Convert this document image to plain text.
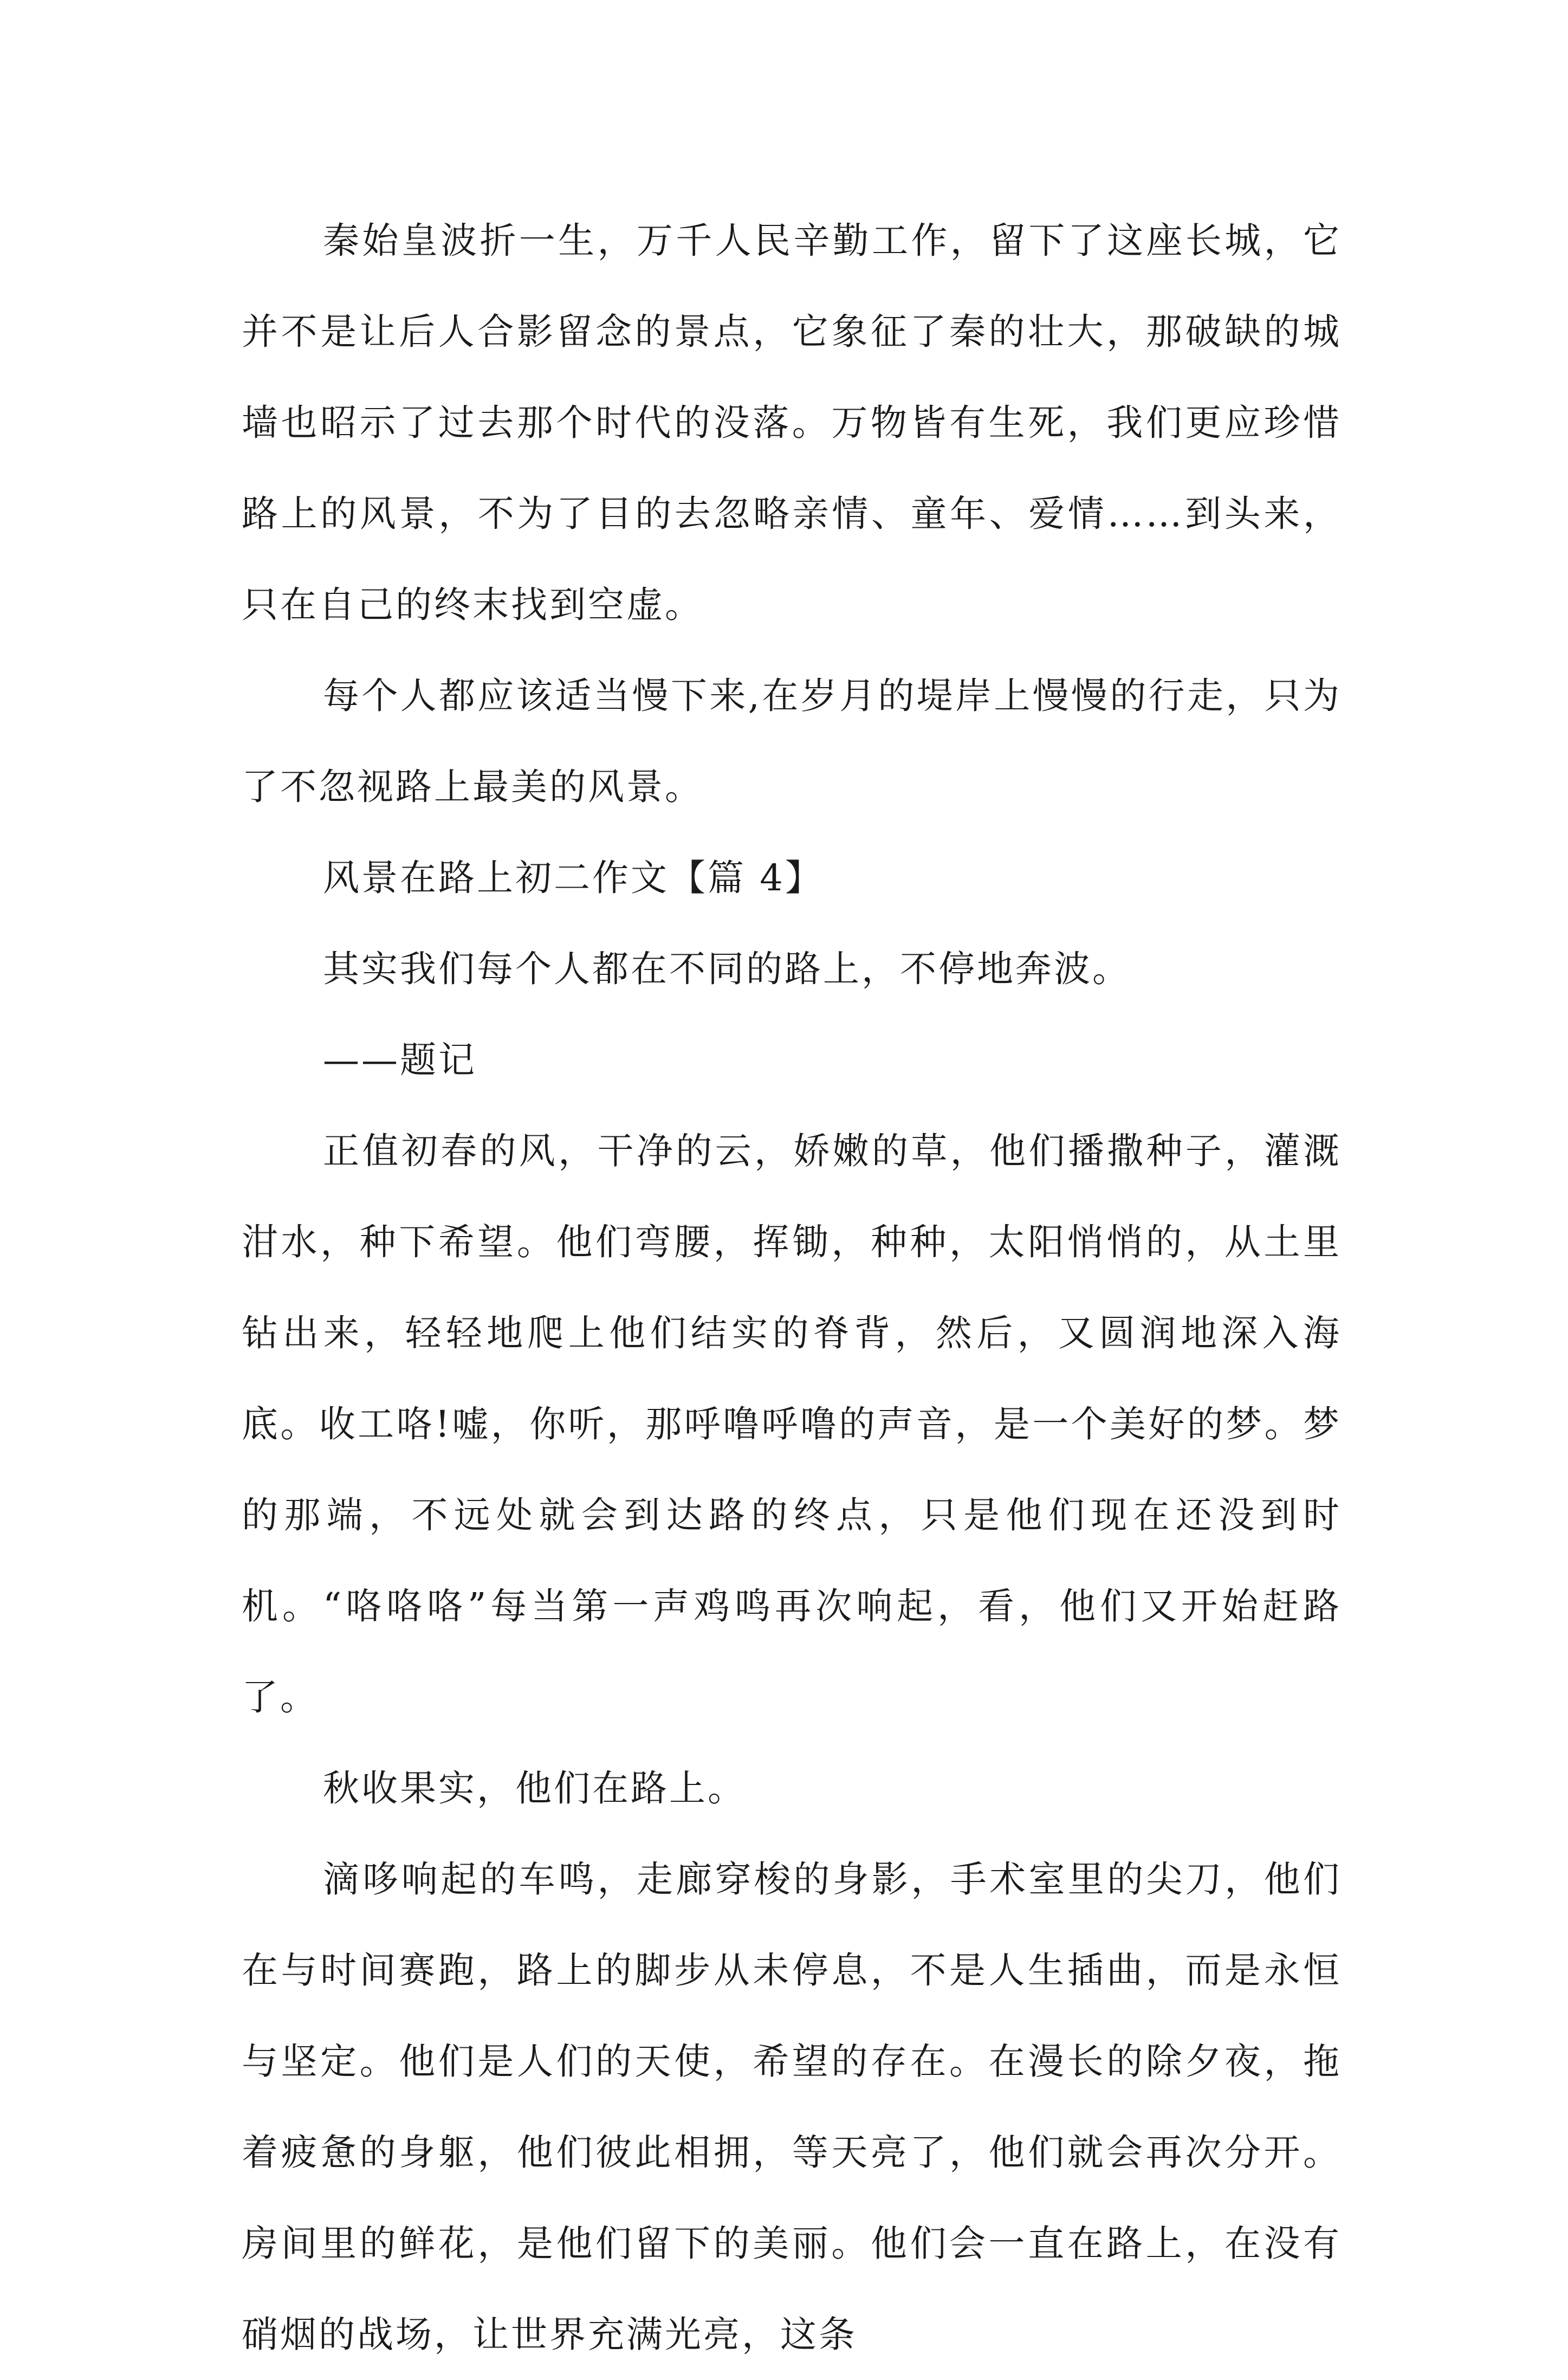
秦始皇波折一生，万千人民辛勤工作，留下了这座长城，它并不是让后人合影留念的景点，它象征了秦的壮大，那破缺的城墙也昭示了过去那个时代的没落。万物皆有生死，我们更应珍惜路上的风景，不为了目的去忽略亲情、童年、爱情……到头来，只在自己的终末找到空虚。

每个人都应该适当慢下来,在岁月的堤岸上慢慢的行走，只为了不忽视路上最美的风景。

风景在路上初二作文【篇 4】

其实我们每个人都在不同的路上，不停地奔波。

——题记

正值初春的风，干净的云，娇嫩的草，他们播撒种子，灌溉泔水，种下希望。他们弯腰，挥锄，种种，太阳悄悄的，从土里钻出来，轻轻地爬上他们结实的脊背，然后，又圆润地深入海底。收工咯!嘘，你听，那呼噜呼噜的声音，是一个美好的梦。梦的那端，不远处就会到达路的终点，只是他们现在还没到时机。“咯咯咯”每当第一声鸡鸣再次响起，看，他们又开始赶路了。

秋收果实，他们在路上。

滴哆响起的车鸣，走廊穿梭的身影，手术室里的尖刀，他们在与时间赛跑，路上的脚步从未停息，不是人生插曲，而是永恒与坚定。他们是人们的天使，希望的存在。在漫长的除夕夜，拖着疲惫的身躯，他们彼此相拥，等天亮了，他们就会再次分开。房间里的鲜花，是他们留下的美丽。他们会一直在路上，在没有硝烟的战场，让世界充满光亮，这条
